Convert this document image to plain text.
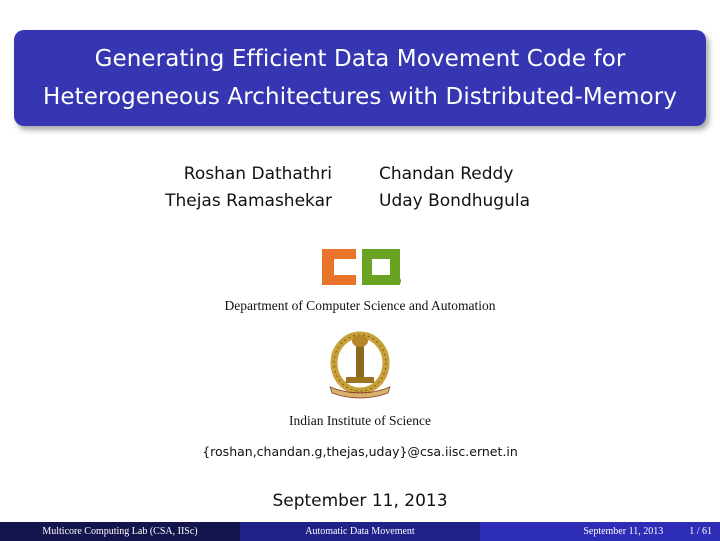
Generating Efficient Data Movement Code for
Heterogeneous Architectures with Distributed-Memory
Roshan Dathathri	Chandan Reddy
Thejas Ramashekar	Uday Bondhugula
Department of Computer Science and Automation
• • • • • •
Indian Institute of Science
{roshan,chandan.g,thejas,uday}@csa.iisc.ernet.in
September 11, 2013
Multicore Computing Lab (CSA, IISc)	Automatic Data Movement	September 11, 2013	1 / 61
